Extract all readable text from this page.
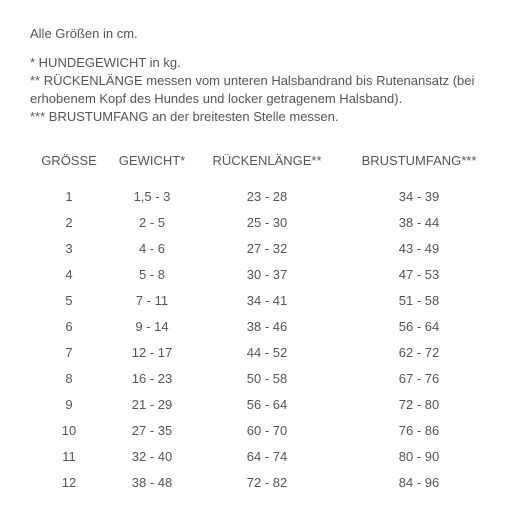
Alle Größen in cm.

* HUNDEGEWICHT in kg.
** RÜCKENLÄNGE messen vom unteren Halsbandrand bis Rutenansatz (bei
erhobenem Kopf des Hundes und locker getragenem Halsband).
*** BRUSTUMFANG an der breitesten Stelle messen.
GRÖSSE	GEWICHT*	RÜCKENLÄNGE**	BRUSTUMFANG***

1	1,5 - 3	23 - 28	34 - 39
2	2 - 5	25 - 30	38 - 44
3	4 - 6	27 - 32	43 - 49
4	5 - 8	30 - 37	47 - 53
5	7 - 11	34 - 41	51 - 58
6	9 - 14	38 - 46	56 - 64
7	12 - 17	44 - 52	62 - 72
8	16 - 23	50 - 58	67 - 76
9	21 - 29	56 - 64	72 - 80
10	27 - 35	60 - 70	76 - 86
11	32 - 40	64 - 74	80 - 90
12	38 - 48	72 - 82	84 - 96
